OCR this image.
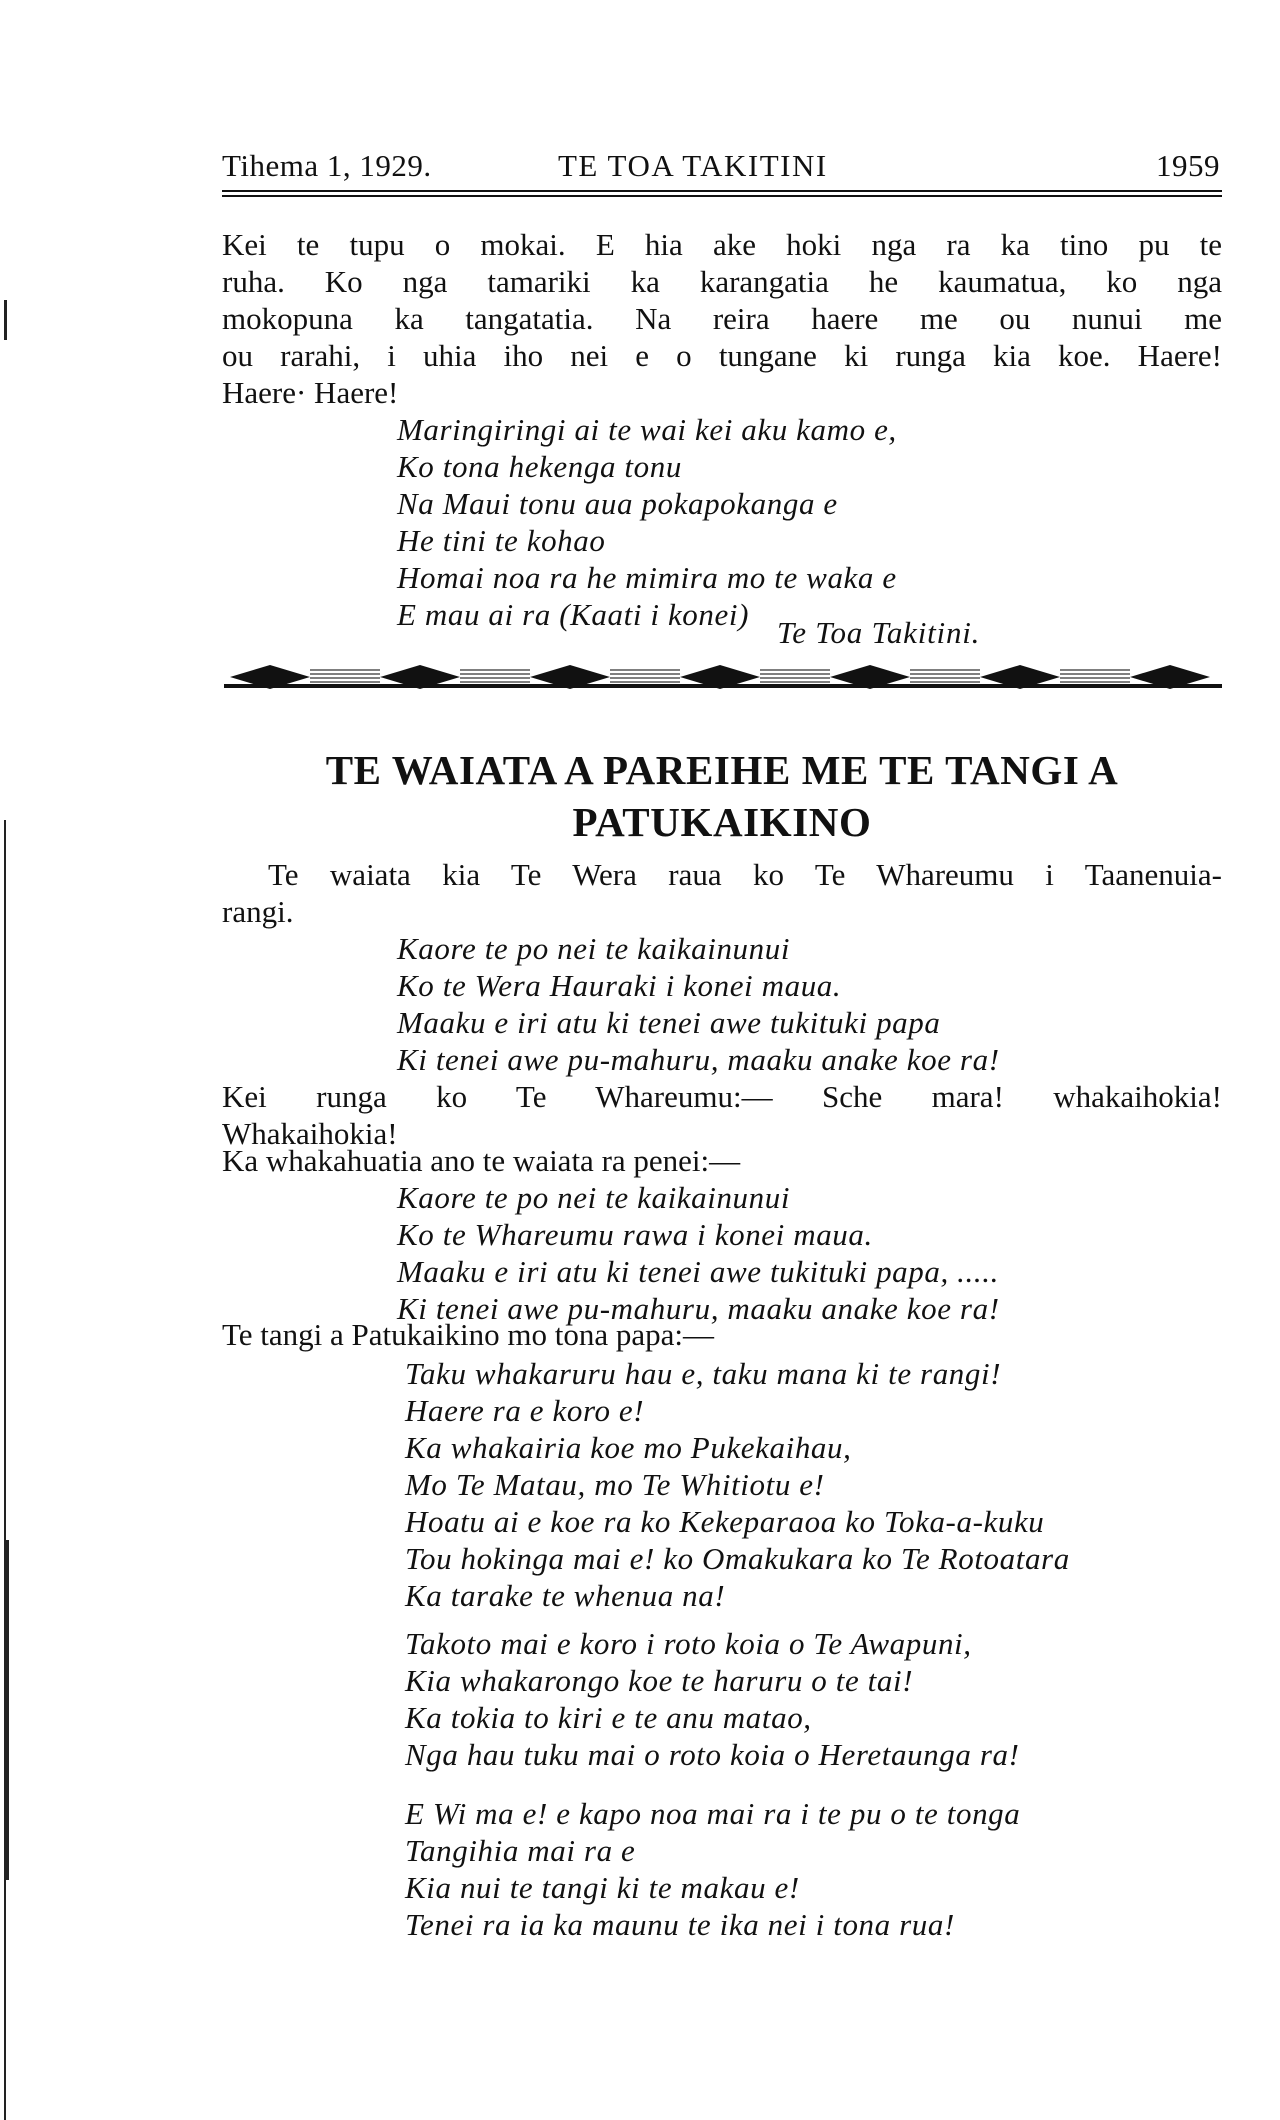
Tihema 1, 1929.	TE TOA TAKITINI	1959
Kei te tupu o mokai. E hia ake hoki nga ra ka tino pu te
ruha. Ko nga tamariki ka karangatia he kaumatua, ko nga
mokopuna ka tangatatia. Na reira haere me ou nunui me
ou rarahi, i uhia iho nei e o tungane ki runga kia koe. Haere!
Haere· Haere!
Maringiringi ai te wai kei aku kamo e,
Ko tona hekenga tonu
Na Maui tonu aua pokapokanga e
He tini te kohao
Homai noa ra he mimira mo te waka e
E mau ai ra (Kaati i konei)
Te Toa Takitini.
TE WAIATA A PAREIHE ME TE TANGI A
PATUKAIKINO
Te waiata kia Te Wera raua ko Te Whareumu i Taanenuia-
rangi.
Kaore te po nei te kaikainunui
Ko te Wera Hauraki i konei maua.
Maaku e iri atu ki tenei awe tukituki papa
Ki tenei awe pu-mahuru, maaku anake koe ra!
Kei runga ko Te Whareumu:— Sche mara! whakaihokia!
Whakaihokia!
Ka whakahuatia ano te waiata ra penei:—
Kaore te po nei te kaikainunui
Ko te Whareumu rawa i konei maua.
Maaku e iri atu ki tenei awe tukituki papa, .....
Ki tenei awe pu-mahuru, maaku anake koe ra!
Te tangi a Patukaikino mo tona papa:—
Taku whakaruru hau e, taku mana ki te rangi!
Haere ra e koro e!
Ka whakairia koe mo Pukekaihau,
Mo Te Matau, mo Te Whitiotu e!
Hoatu ai e koe ra ko Kekeparaoa ko Toka-a-kuku
Tou hokinga mai e! ko Omakukara ko Te Rotoatara
Ka tarake te whenua na!
Takoto mai e koro i roto koia o Te Awapuni,
Kia whakarongo koe te haruru o te tai!
Ka tokia to kiri e te anu matao,
Nga hau tuku mai o roto koia o Heretaunga ra!
E Wi ma e! e kapo noa mai ra i te pu o te tonga
Tangihia mai ra e
Kia nui te tangi ki te makau e!
Tenei ra ia ka maunu te ika nei i tona rua!
